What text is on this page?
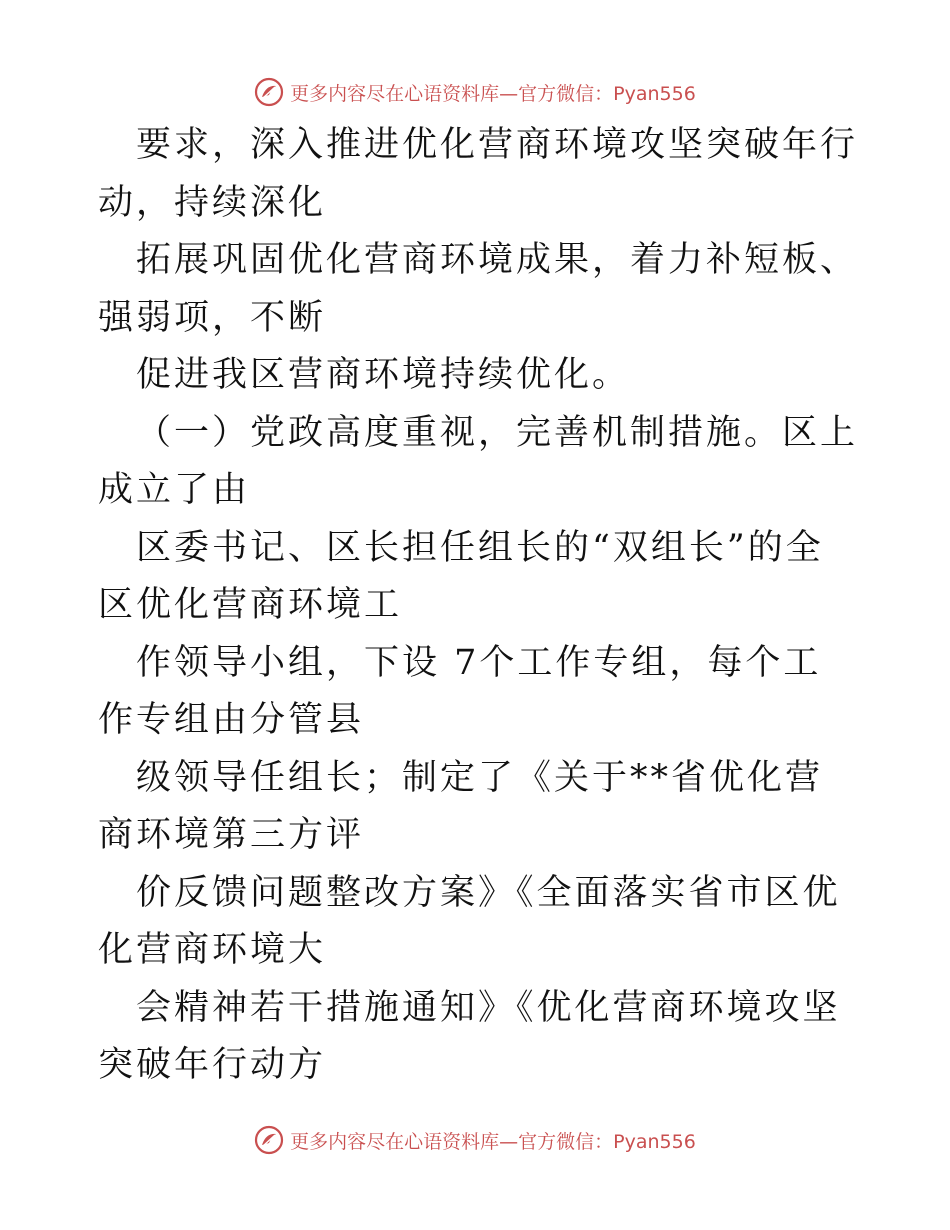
更多内容尽在心语资料库—官方微信：Pyan556

要求，深入推进优化营商环境攻坚突破年行动，持续深化

拓展巩固优化营商环境成果，着力补短板、强弱项，不断

促进我区营商环境持续优化。

（一）党政高度重视，完善机制措施。区上成立了由

区委书记、区长担任组长的“双组长”的全区优化营商环境工

作领导小组，下设 7个工作专组，每个工作专组由分管县

级领导任组长；制定了《关于**省优化营商环境第三方评

价反馈问题整改方案》《全面落实省市区优化营商环境大

会精神若干措施通知》《优化营商环境攻坚突破年行动方

更多内容尽在心语资料库—官方微信：Pyan556
